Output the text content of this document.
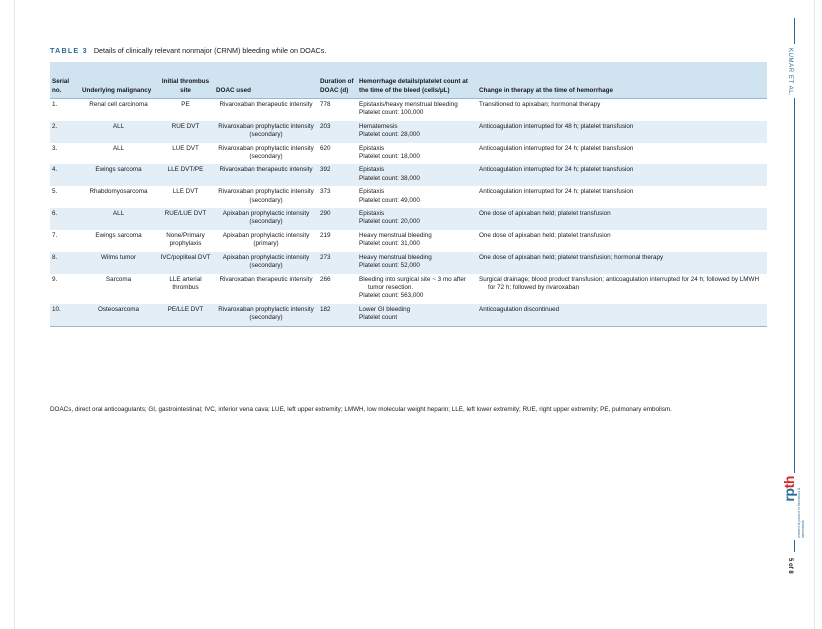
TABLE 3 Details of clinically relevant nonmajor (CRNM) bleeding while on DOACs.
Serial no.	Underlying malignancy	Initial thrombus site	DOAC used	Duration of DOAC (d)	Hemorrhage details/platelet count at the time of the bleed (cells/μL)	Change in therapy at the time of hemorrhage
1.	Renal cell carcinoma	PE	Rivaroxaban therapeutic intensity	778	Epistaxis/heavy menstrual bleeding
Platelet count: 100,000	Transitioned to apixaban; hormonal therapy

2.	ALL	RUE DVT	Rivaroxaban prophylactic intensity (secondary)	203	Hematemesis
Platelet count: 28,000	Anticoagulation interrupted for 48 h; platelet transfusion

3.	ALL	LUE DVT	Rivaroxaban prophylactic intensity (secondary)	620	Epistaxis
Platelet count: 18,000	Anticoagulation interrupted for 24 h; platelet transfusion

4.	Ewings sarcoma	LLE DVT/PE	Rivaroxaban therapeutic intensity	392	Epistaxis
Platelet count: 38,000	Anticoagulation interrupted for 24 h; platelet transfusion

5.	Rhabdomyosarcoma	LLE DVT	Rivaroxaban prophylactic intensity (secondary)	373	Epistaxis
Platelet count: 49,000	Anticoagulation interrupted for 24 h; platelet transfusion

6.	ALL	RUE/LUE DVT	Apixaban prophylactic intensity (secondary)	290	Epistaxis
Platelet count: 20,000	One dose of apixaban held; platelet transfusion

7.	Ewings sarcoma	None/Primary prophylaxis	Apixaban prophylactic intensity (primary)	219	Heavy menstrual bleeding
Platelet count: 31,000	One dose of apixaban held; platelet transfusion

8.	Wilms tumor	IVC/popliteal DVT	Apixaban prophylactic intensity (secondary)	273	Heavy menstrual bleeding
Platelet count: 52,000	One dose of apixaban held; platelet transfusion; hormonal therapy

9.	Sarcoma	LLE arterial thrombus	Rivaroxaban therapeutic intensity	266	Bleeding into surgical site ~ 3 mo after tumor resection.
Platelet count: 563,000	Surgical drainage; blood product transfusion; anticoagulation interrupted for 24 h; followed by LMWH for 72 h; followed by rivaroxaban

10.	Osteosarcoma	PE/LLE DVT	Rivaroxaban prophylactic intensity (secondary)	182	Lower GI bleeding
Platelet count	Anticoagulation discontinued
DOACs, direct oral anticoagulants; GI, gastrointestinal; IVC, inferior vena cava; LUE, left upper extremity; LMWH, low molecular weight heparin; LLE, left lower extremity; RUE, right upper extremity; PE, pulmonary embolism.
KUMAR ET AL.
rpth
research & practice in thrombosis & haemostasis
5 of 8
